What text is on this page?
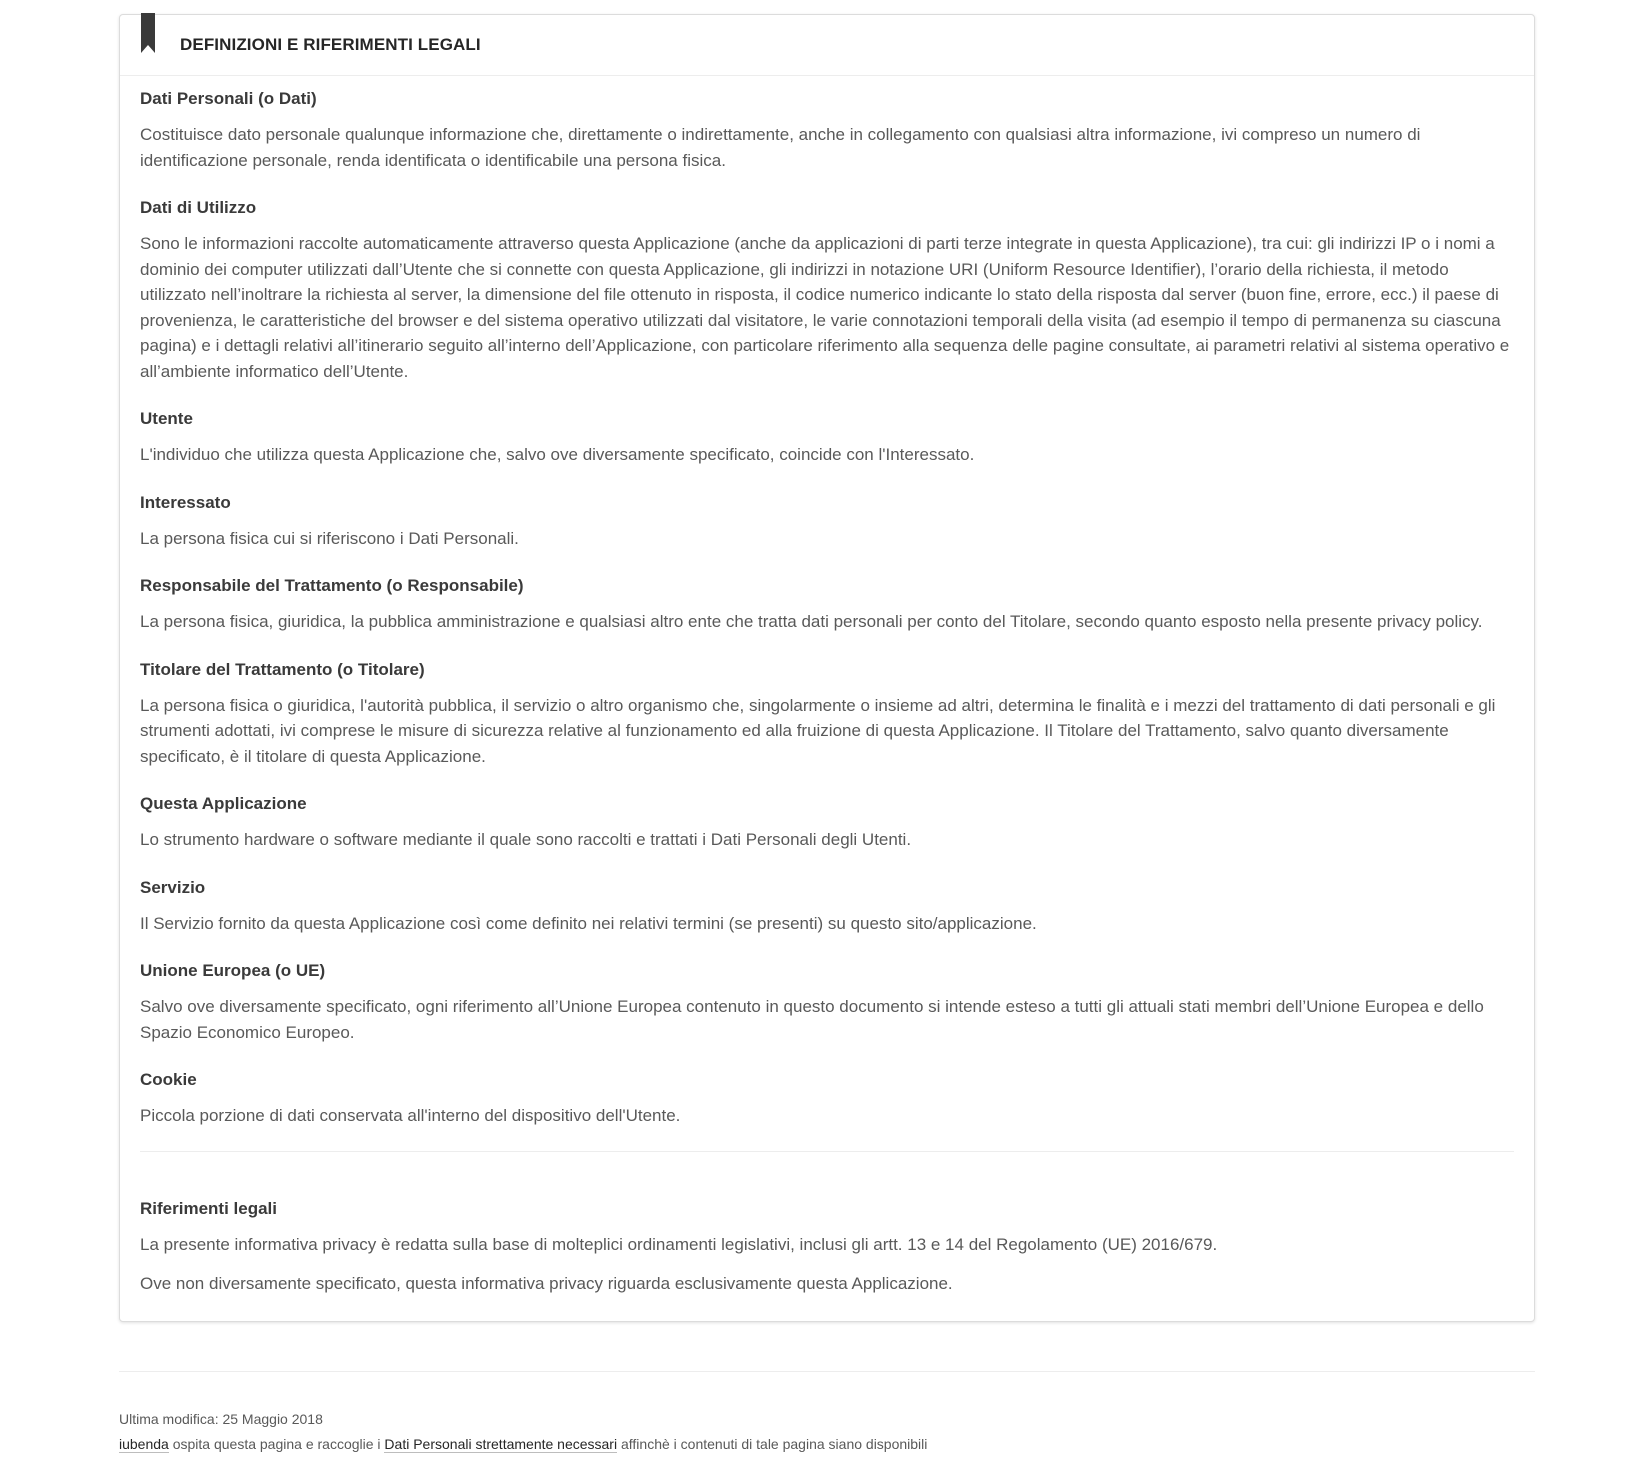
DEFINIZIONI E RIFERIMENTI LEGALI
Dati Personali (o Dati)

Costituisce dato personale qualunque informazione che, direttamente o indirettamente, anche in collegamento con qualsiasi altra informazione, ivi compreso un numero di identificazione personale, renda identificata o identificabile una persona fisica.

Dati di Utilizzo

Sono le informazioni raccolte automaticamente attraverso questa Applicazione (anche da applicazioni di parti terze integrate in questa Applicazione), tra cui: gli indirizzi IP o i nomi a dominio dei computer utilizzati dall’Utente che si connette con questa Applicazione, gli indirizzi in notazione URI (Uniform Resource Identifier), l’orario della richiesta, il metodo utilizzato nell’inoltrare la richiesta al server, la dimensione del file ottenuto in risposta, il codice numerico indicante lo stato della risposta dal server (buon fine, errore, ecc.) il paese di provenienza, le caratteristiche del browser e del sistema operativo utilizzati dal visitatore, le varie connotazioni temporali della visita (ad esempio il tempo di permanenza su ciascuna pagina) e i dettagli relativi all’itinerario seguito all’interno dell’Applicazione, con particolare riferimento alla sequenza delle pagine consultate, ai parametri relativi al sistema operativo e all’ambiente informatico dell’Utente.

Utente

L'individuo che utilizza questa Applicazione che, salvo ove diversamente specificato, coincide con l'Interessato.

Interessato

La persona fisica cui si riferiscono i Dati Personali.

Responsabile del Trattamento (o Responsabile)

La persona fisica, giuridica, la pubblica amministrazione e qualsiasi altro ente che tratta dati personali per conto del Titolare, secondo quanto esposto nella presente privacy policy.

Titolare del Trattamento (o Titolare)

La persona fisica o giuridica, l'autorità pubblica, il servizio o altro organismo che, singolarmente o insieme ad altri, determina le finalità e i mezzi del trattamento di dati personali e gli strumenti adottati, ivi comprese le misure di sicurezza relative al funzionamento ed alla fruizione di questa Applicazione. Il Titolare del Trattamento, salvo quanto diversamente specificato, è il titolare di questa Applicazione.

Questa Applicazione

Lo strumento hardware o software mediante il quale sono raccolti e trattati i Dati Personali degli Utenti.

Servizio

Il Servizio fornito da questa Applicazione così come definito nei relativi termini (se presenti) su questo sito/applicazione.

Unione Europea (o UE)

Salvo ove diversamente specificato, ogni riferimento all’Unione Europea contenuto in questo documento si intende esteso a tutti gli attuali stati membri dell’Unione Europea e dello Spazio Economico Europeo.

Cookie

Piccola porzione di dati conservata all'interno del dispositivo dell'Utente.

Riferimenti legali

La presente informativa privacy è redatta sulla base di molteplici ordinamenti legislativi, inclusi gli artt. 13 e 14 del Regolamento (UE) 2016/679.

Ove non diversamente specificato, questa informativa privacy riguarda esclusivamente questa Applicazione.

Ultima modifica: 25 Maggio 2018
iubenda ospita questa pagina e raccoglie i Dati Personali strettamente necessari affinchè i contenuti di tale pagina siano disponibili
